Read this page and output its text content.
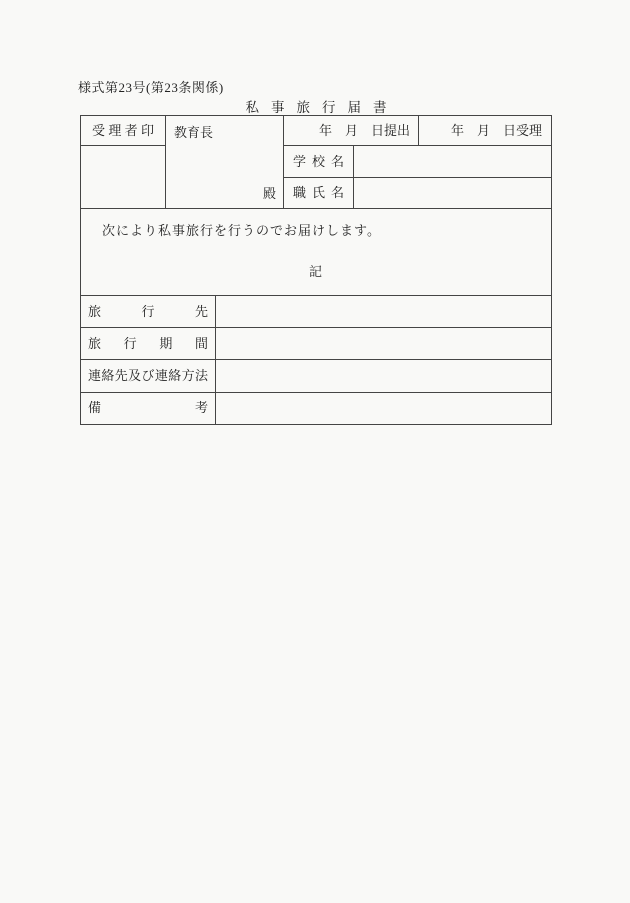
様式第23号(第23条関係)
私事旅行届書
受理者印	教育長
殿
年　月　日提出	年　月　日受理
学校名
職氏名
次により私事旅行を行うのでお届けします。
記
旅行先
旅行期間
連絡先及び連絡方法
備考
